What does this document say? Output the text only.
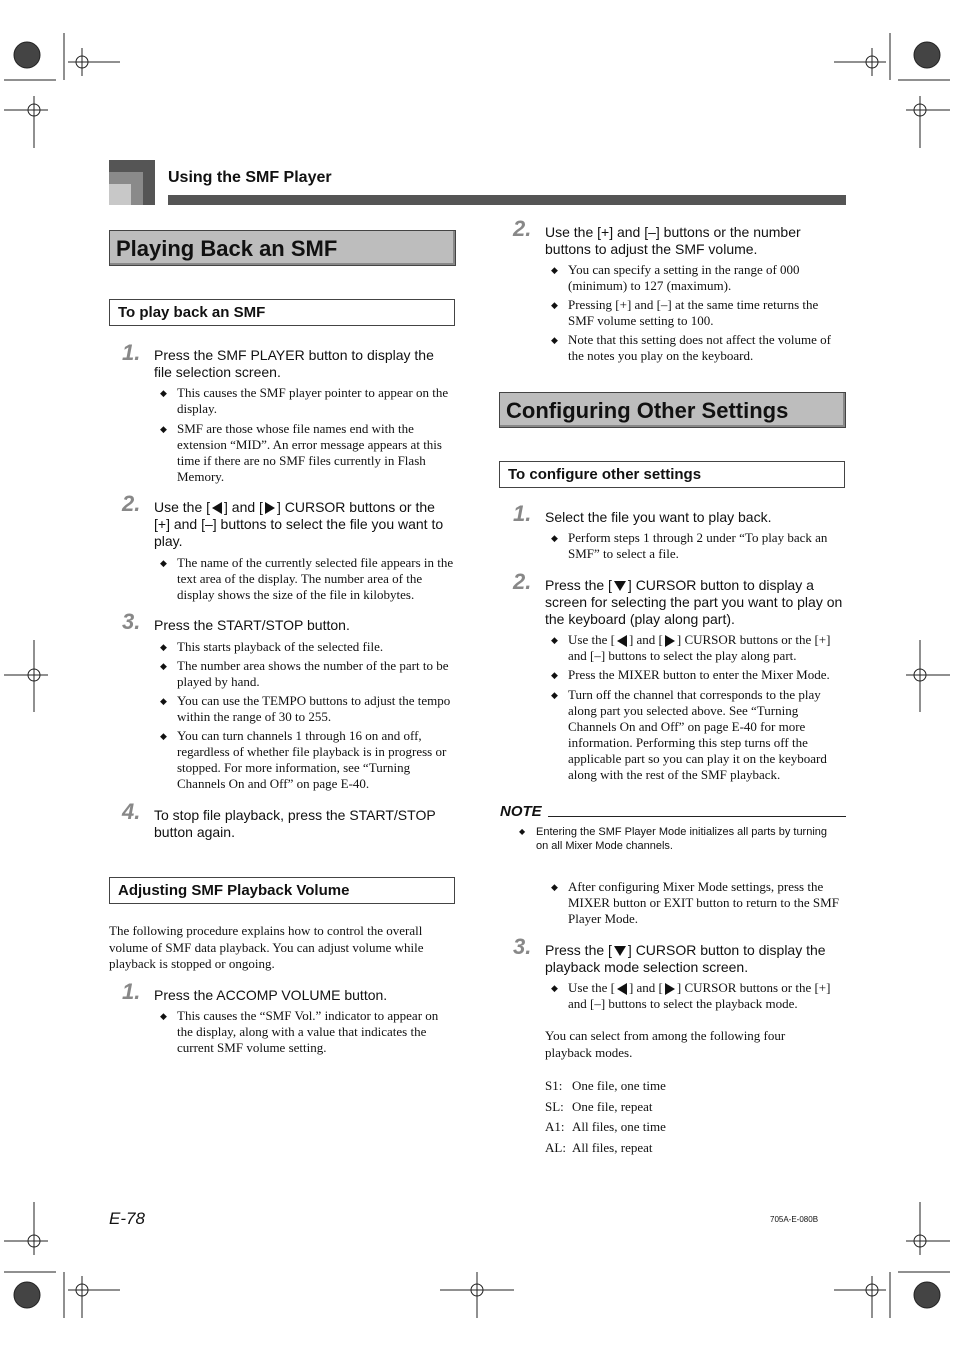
Using the SMF Player
Playing Back an SMF
To play back an SMF
1. Press the SMF PLAYER button to display the file selection screen.
◆ This causes the SMF player pointer to appear on the display.
◆ SMF are those whose file names end with the extension “MID”. An error message appears at this time if there are no SMF files currently in Flash Memory.
2. Use the [ ] and [ ] CURSOR buttons or the [+] and [–] buttons to select the file you want to play.
◆ The name of the currently selected file appears in the text area of the display. The number area of the display shows the size of the file in kilobytes.
3. Press the START/STOP button.
◆ This starts playback of the selected file.
◆ The number area shows the number of the part to be played by hand.
◆ You can use the TEMPO buttons to adjust the tempo within the range of 30 to 255.
◆ You can turn channels 1 through 16 on and off, regardless of whether file playback is in progress or stopped. For more information, see “Turning Channels On and Off” on page E-40.
4. To stop file playback, press the START/STOP button again.
Adjusting SMF Playback Volume
The following procedure explains how to control the overall volume of SMF data playback. You can adjust volume while playback is stopped or ongoing.
1. Press the ACCOMP VOLUME button.
◆ This causes the “SMF Vol.” indicator to appear on the display, along with a value that indicates the current SMF volume setting.
2. Use the [+] and [–] buttons or the number buttons to adjust the SMF volume.
◆ You can specify a setting in the range of 000 (minimum) to 127 (maximum).
◆ Pressing [+] and [–] at the same time returns the SMF volume setting to 100.
◆ Note that this setting does not affect the volume of the notes you play on the keyboard.
Configuring Other Settings
To configure other settings
1. Select the file you want to play back.
◆ Perform steps 1 through 2 under “To play back an SMF” to select a file.
2. Press the [ ] CURSOR button to display a screen for selecting the part you want to play on the keyboard (play along part).
◆ Use the [ ] and [ ] CURSOR buttons or the [+] and [–] buttons to select the play along part.
◆ Press the MIXER button to enter the Mixer Mode.
◆ Turn off the channel that corresponds to the play along part you selected above. See “Turning Channels On and Off” on page E-40 for more information. Performing this step turns off the applicable part so you can play it on the keyboard along with the rest of the SMF playback.
NOTE
◆ Entering the SMF Player Mode initializes all parts by turning on all Mixer Mode channels.
◆ After configuring Mixer Mode settings, press the MIXER button or EXIT button to return to the SMF Player Mode.
3. Press the [ ] CURSOR button to display the playback mode selection screen.
◆ Use the [ ] and [ ] CURSOR buttons or the [+] and [–] buttons to select the playback mode.
You can select from among the following four playback modes.
S1: One file, one time
SL: One file, repeat
A1: All files, one time
AL: All files, repeat
E-78	705A-E-080B
